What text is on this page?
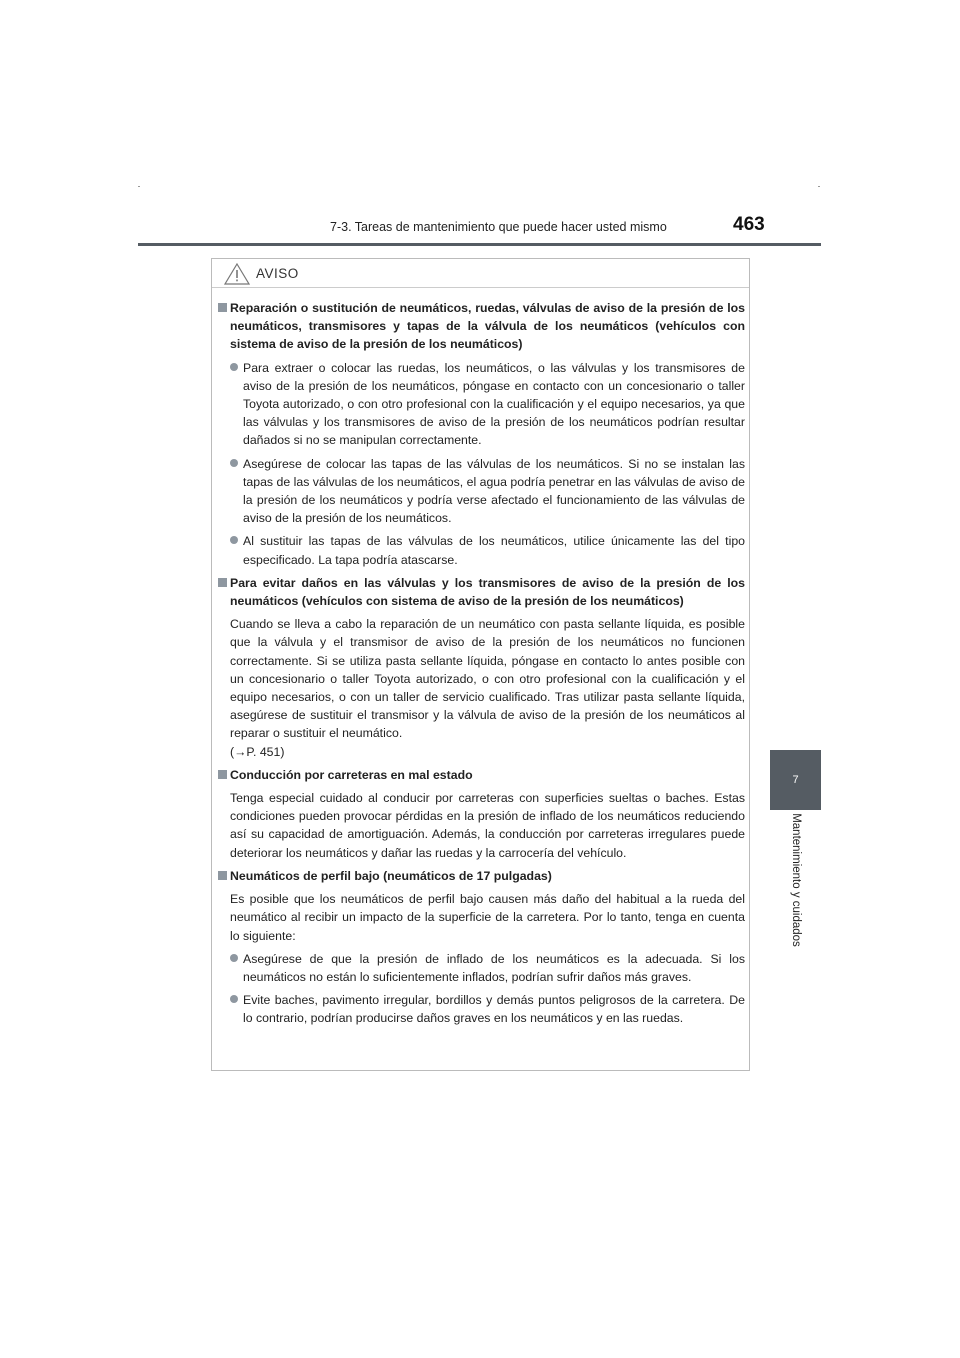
7-3. Tareas de mantenimiento que puede hacer usted mismo	463
7
Mantenimiento y cuidados
AVISO
Reparación o sustitución de neumáticos, ruedas, válvulas de aviso de la presión de los neumáticos, transmisores y tapas de la válvula de los neumáticos (vehículos con sistema de aviso de la presión de los neumáticos)
Para extraer o colocar las ruedas, los neumáticos, o las válvulas y los transmisores de aviso de la presión de los neumáticos, póngase en contacto con un concesionario o taller Toyota autorizado, o con otro profesional con la cualificación y el equipo necesarios, ya que las válvulas y los transmisores de aviso de la presión de los neumáticos podrían resultar dañados si no se manipulan correctamente.
Asegúrese de colocar las tapas de las válvulas de los neumáticos. Si no se instalan las tapas de las válvulas de los neumáticos, el agua podría penetrar en las válvulas de aviso de la presión de los neumáticos y podría verse afectado el funcionamiento de las válvulas de aviso de la presión de los neumáticos.
Al sustituir las tapas de las válvulas de los neumáticos, utilice únicamente las del tipo especificado. La tapa podría atascarse.
Para evitar daños en las válvulas y los transmisores de aviso de la presión de los neumáticos (vehículos con sistema de aviso de la presión de los neumáticos)
Cuando se lleva a cabo la reparación de un neumático con pasta sellante líquida, es posible que la válvula y el transmisor de aviso de la presión de los neumáticos no funcionen correctamente. Si se utiliza pasta sellante líquida, póngase en contacto lo antes posible con un concesionario o taller Toyota autorizado, o con otro profesional con la cualificación y el equipo necesarios, o con un taller de servicio cualificado. Tras utilizar pasta sellante líquida, asegúrese de sustituir el transmisor y la válvula de aviso de la presión de los neumáticos al reparar o sustituir el neumático.
(→P. 451)
Conducción por carreteras en mal estado
Tenga especial cuidado al conducir por carreteras con superficies sueltas o baches. Estas condiciones pueden provocar pérdidas en la presión de inflado de los neumáticos reduciendo así su capacidad de amortiguación. Además, la conducción por carreteras irregulares puede deteriorar los neumáticos y dañar las ruedas y la carrocería del vehículo.
Neumáticos de perfil bajo (neumáticos de 17 pulgadas)
Es posible que los neumáticos de perfil bajo causen más daño del habitual a la rueda del neumático al recibir un impacto de la superficie de la carretera. Por lo tanto, tenga en cuenta lo siguiente:
Asegúrese de que la presión de inflado de los neumáticos es la adecuada. Si los neumáticos no están lo suficientemente inflados, podrían sufrir daños más graves.
Evite baches, pavimento irregular, bordillos y demás puntos peligrosos de la carretera. De lo contrario, podrían producirse daños graves en los neumáticos y en las ruedas.
